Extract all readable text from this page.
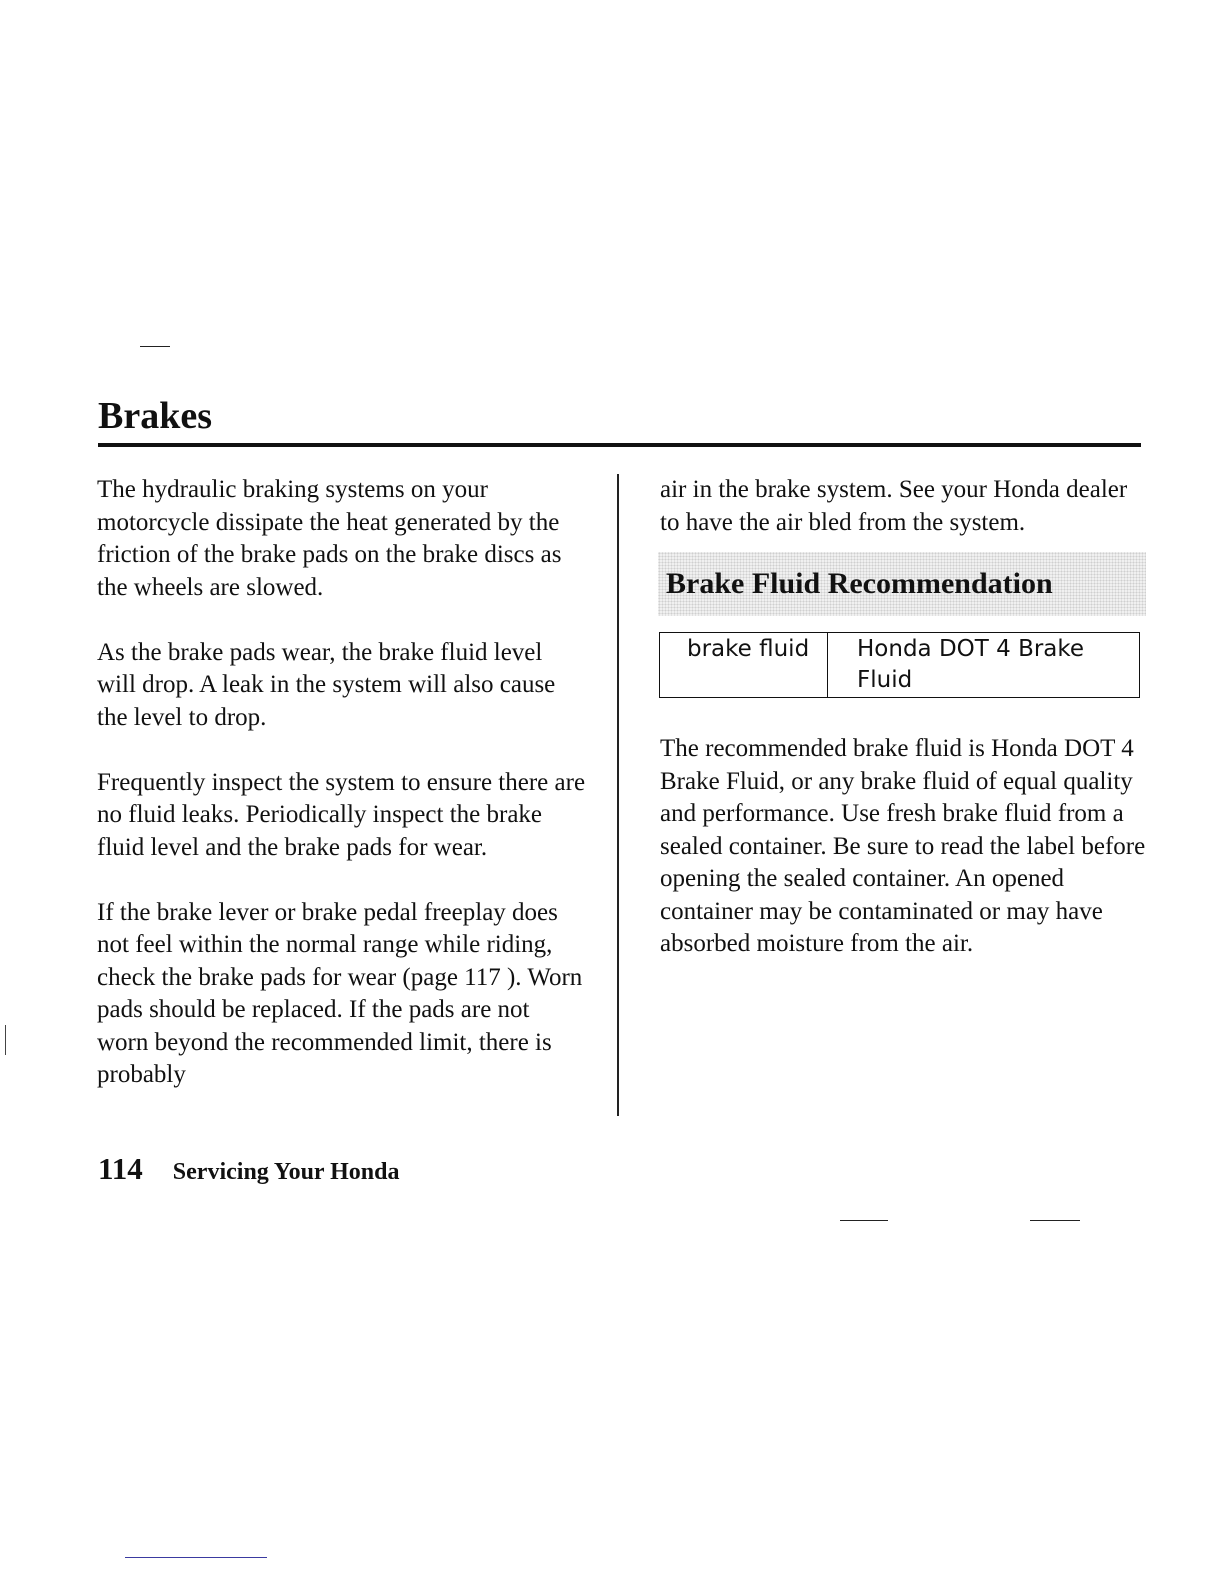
Brakes

The hydraulic braking systems on your motorcycle dissipate the heat generated by the friction of the brake pads on the brake discs as the wheels are slowed.

As the brake pads wear, the brake fluid level will drop. A leak in the system will also cause the level to drop.

Frequently inspect the system to ensure there are no fluid leaks. Periodically inspect the brake fluid level and the brake pads for wear.

If the brake lever or brake pedal freeplay does not feel within the normal range while riding, check the brake pads for wear (page 117 ). Worn pads should be replaced. If the pads are not worn beyond the recommended limit, there is probably

air in the brake system. See your Honda dealer to have the air bled from the system.

Brake Fluid Recommendation
brake fluid	Honda DOT 4 Brake Fluid

The recommended brake fluid is Honda DOT 4 Brake Fluid, or any brake fluid of equal quality and performance. Use fresh brake fluid from a sealed container. Be sure to read the label before opening the sealed container. An opened container may be contaminated or may have absorbed moisture from the air.

114 Servicing Your Honda
